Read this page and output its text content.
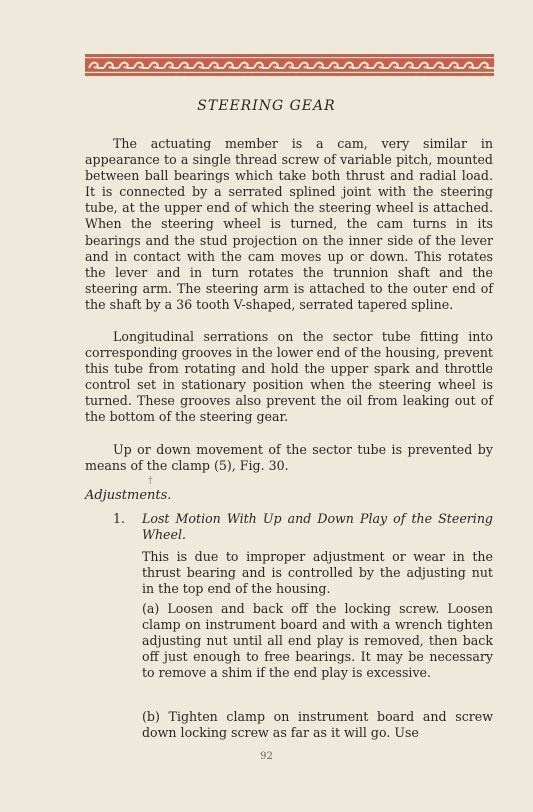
STEERING GEAR

The actuating member is a cam, very similar in appearance to a single thread screw of variable pitch, mounted between ball bearings which take both thrust and radial load. It is connected by a serrated splined joint with the steering tube, at the upper end of which the steering wheel is attached. When the steering wheel is turned, the cam turns in its bearings and the stud projection on the inner side of the lever and in contact with the cam moves up or down. This rotates the lever and in turn rotates the trunnion shaft and the steering arm. The steering arm is attached to the outer end of the shaft by a 36 tooth V-shaped, serrated tapered spline.

Longitudinal serrations on the sector tube fitting into corresponding grooves in the lower end of the housing, prevent this tube from rotating and hold the upper spark and throttle control set in stationary position when the steering wheel is turned. These grooves also prevent the oil from leaking out of the bottom of the steering gear.

Up or down movement of the sector tube is prevented by means of the clamp (5), Fig. 30.

†
Adjustments.
1. Lost Motion With Up and Down Play of the Steering Wheel.

This is due to improper adjustment or wear in the thrust bearing and is controlled by the adjusting nut in the top end of the housing.

(a) Loosen and back off the locking screw. Loosen clamp on instrument board and with a wrench tighten adjusting nut until all end play is removed, then back off just enough to free bearings. It may be necessary to remove a shim if the end play is excessive.

(b) Tighten clamp on instrument board and screw down locking screw as far as it will go. Use

92
